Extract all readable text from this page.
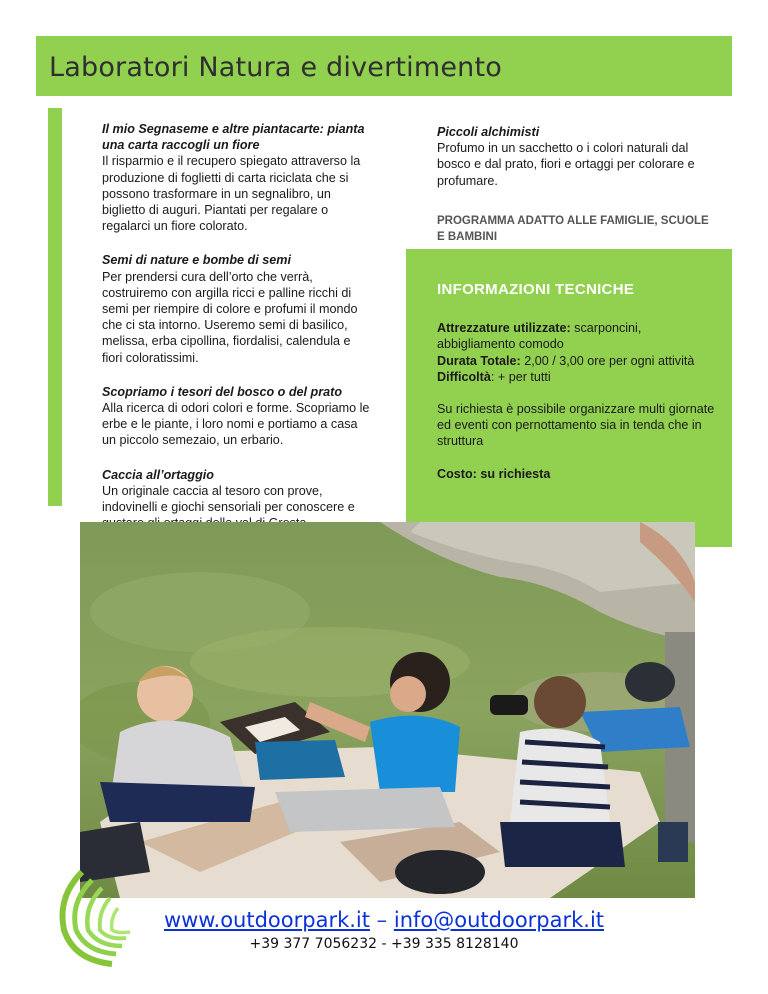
Laboratori Natura e divertimento
Il mio Segnaseme e altre piantacarte: pianta una carta raccogli un fiore
Il risparmio e il recupero spiegato attraverso la produzione di foglietti di carta riciclata che si possono trasformare in un segnalibro, un biglietto di auguri. Piantati per regalare o regalarci un fiore colorato.
Semi di nature e bombe di semi
Per prendersi cura dell’orto che verrà, costruiremo con argilla ricci e palline ricchi di semi per riempire di colore e profumi il mondo che ci sta intorno. Useremo semi di basilico, melissa, erba cipollina, fiordalisi, calendula e fiori coloratissimi.
Scopriamo i tesori del bosco o del prato
Alla ricerca di odori colori e forme. Scopriamo le erbe e le piante, i loro nomi e portiamo a casa un piccolo semezaio, un erbario.
Caccia all’ortaggio
Un originale caccia al tesoro con prove, indovinelli e giochi sensoriali per conoscere e
Piccoli alchimisti
Profumo in un sacchetto o i colori naturali dal bosco e dal prato, fiori e ortaggi per colorare e profumare.
PROGRAMMA ADATTO ALLE FAMIGLIE, SCUOLE E BAMBINI
INFORMAZIONI TECNICHE

Attrezzature utilizzate: scarponcini, abbigliamento comodo
Durata Totale: 2,00 / 3,00 ore per ogni attività
Difficoltà: + per tutti

Su richiesta è possibile organizzare multi giornate ed eventi con pernottamento sia in tenda che in struttura

Costo: su richiesta

www.outdoorpark.it – info@outdoorpark.it
+39 377 7056232 - +39 335 8128140
